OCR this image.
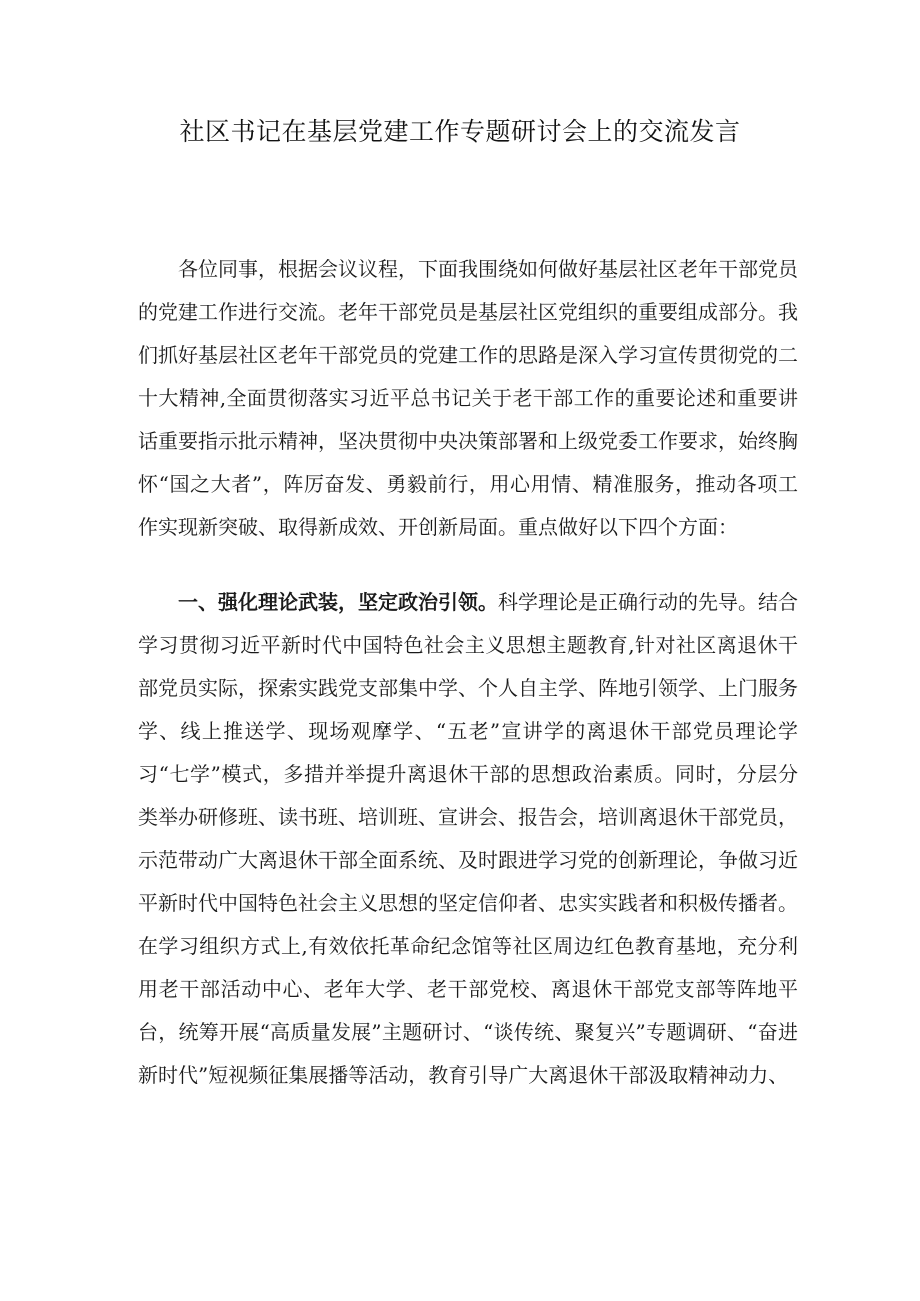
社区书记在基层党建工作专题研讨会上的交流发言

各位同事，根据会议议程，下面我围绕如何做好基层社区老年干部党员的党建工作进行交流。老年干部党员是基层社区党组织的重要组成部分。我们抓好基层社区老年干部党员的党建工作的思路是深入学习宣传贯彻党的二十大精神,全面贯彻落实习近平总书记关于老干部工作的重要论述和重要讲话重要指示批示精神，坚决贯彻中央决策部署和上级党委工作要求，始终胸怀“国之大者”，阵厉奋发、勇毅前行，用心用情、精准服务，推动各项工作实现新突破、取得新成效、开创新局面。重点做好以下四个方面：

一、强化理论武装，坚定政治引领。科学理论是正确行动的先导。结合学习贯彻习近平新时代中国特色社会主义思想主题教育,针对社区离退休干部党员实际，探索实践党支部集中学、个人自主学、阵地引领学、上门服务学、线上推送学、现场观摩学、“五老”宣讲学的离退休干部党员理论学习“七学”模式，多措并举提升离退休干部的思想政治素质。同时，分层分类举办研修班、读书班、培训班、宣讲会、报告会，培训离退休干部党员，示范带动广大离退休干部全面系统、及时跟进学习党的创新理论，争做习近平新时代中国特色社会主义思想的坚定信仰者、忠实实践者和积极传播者。在学习组织方式上,有效依托革命纪念馆等社区周边红色教育基地，充分利用老干部活动中心、老年大学、老干部党校、离退休干部党支部等阵地平台，统筹开展“高质量发展”主题研讨、“谈传统、聚复兴”专题调研、“奋进新时代”短视频征集展播等活动，教育引导广大离退休干部汲取精神动力、
